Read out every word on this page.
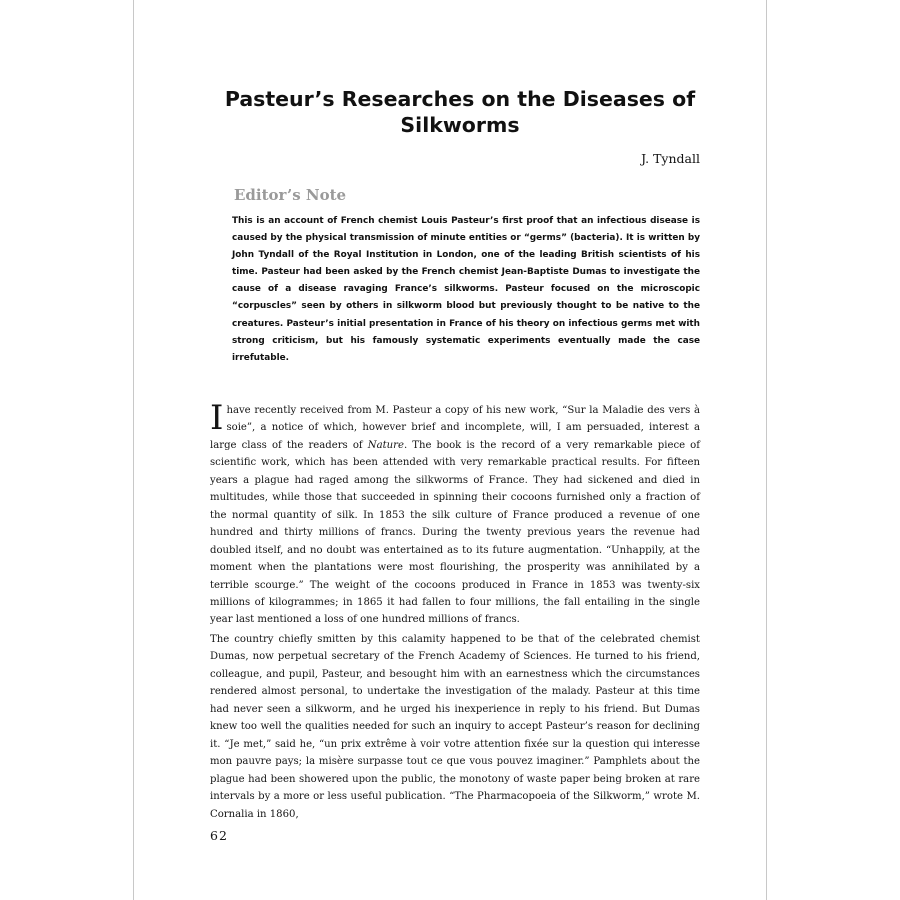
Pasteur’s Researches on the Diseases of Silkworms
J. Tyndall
Editor’s Note

This is an account of French chemist Louis Pasteur’s first proof that an infectious disease is caused by the physical transmission of minute entities or “germs” (bacteria). It is written by John Tyndall of the Royal Institution in London, one of the leading British scientists of his time. Pasteur had been asked by the French chemist Jean-Baptiste Dumas to investigate the cause of a disease ravaging France’s silkworms. Pasteur focused on the microscopic “corpuscles” seen by others in silkworm blood but previously thought to be native to the creatures. Pasteur’s initial presentation in France of his theory on infectious germs met with strong criticism, but his famously systematic experiments eventually made the case irrefutable.

Ihave recently received from M. Pasteur a copy of his new work, “Sur la Maladie des vers à soie”, a notice of which, however brief and incomplete, will, I am persuaded, interest a large class of the readers of Nature. The book is the record of a very remarkable piece of scientific work, which has been attended with very remarkable practical results. For fifteen years a plague had raged among the silkworms of France. They had sickened and died in multitudes, while those that succeeded in spinning their cocoons furnished only a fraction of the normal quantity of silk. In 1853 the silk culture of France produced a revenue of one hundred and thirty millions of francs. During the twenty previous years the revenue had doubled itself, and no doubt was entertained as to its future augmentation. “Unhappily, at the moment when the plantations were most flourishing, the prosperity was annihilated by a terrible scourge.” The weight of the cocoons produced in France in 1853 was twenty-six millions of kilogrammes; in 1865 it had fallen to four millions, the fall entailing in the single year last mentioned a loss of one hundred millions of francs.

The country chiefly smitten by this calamity happened to be that of the celebrated chemist Dumas, now perpetual secretary of the French Academy of Sciences. He turned to his friend, colleague, and pupil, Pasteur, and besought him with an earnestness which the circumstances rendered almost personal, to undertake the investigation of the malady. Pasteur at this time had never seen a silkworm, and he urged his inexperience in reply to his friend. But Dumas knew too well the qualities needed for such an inquiry to accept Pasteur’s reason for declining it. “Je met,” said he, “un prix extrême à voir votre attention fixée sur la question qui interesse mon pauvre pays; la misère surpasse tout ce que vous pouvez imaginer.” Pamphlets about the plague had been showered upon the public, the monotony of waste paper being broken at rare intervals by a more or less useful publication. “The Pharmacopoeia of the Silkworm,” wrote M. Cornalia in 1860,

62
